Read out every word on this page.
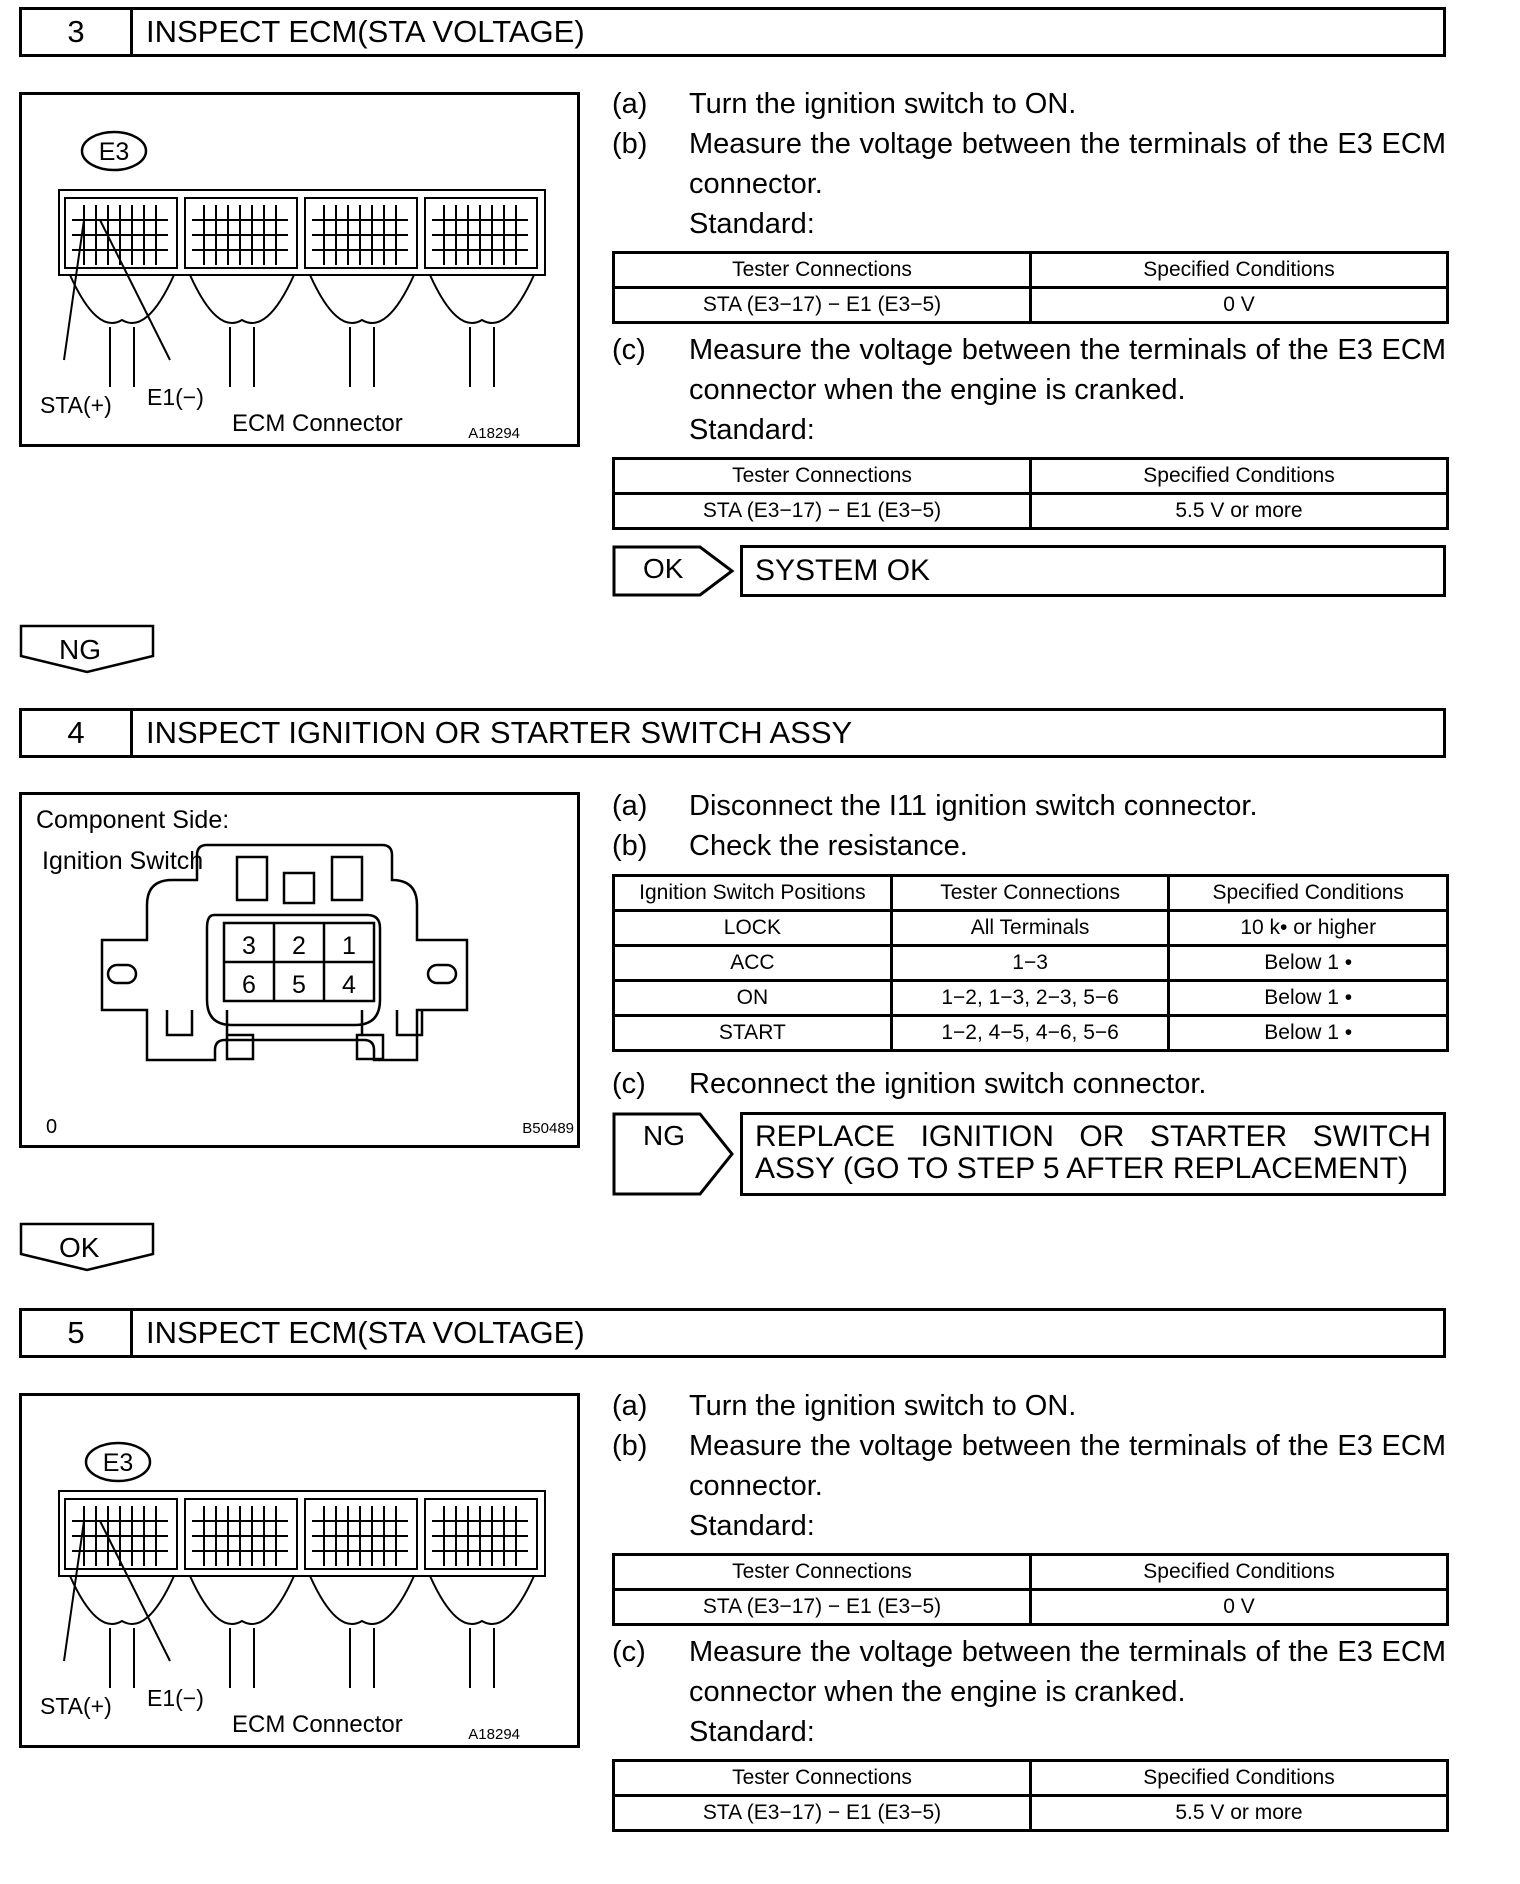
3	INSPECT ECM(STA VOLTAGE)
E3
STA(+) E1(−)
ECM Connector	A18294
(a) Turn the ignition switch to ON.
(b) Measure the voltage between the terminals of the E3 ECM connector.
Standard:
Tester Connections	Specified Conditions
STA (E3−17) − E1 (E3−5)	0 V
(c) Measure the voltage between the terminals of the E3 ECM connector when the engine is cranked.
Standard:
Tester Connections	Specified Conditions
STA (E3−17) − E1 (E3−5)	5.5 V or more
OK	SYSTEM OK
NG
4	INSPECT IGNITION OR STARTER SWITCH ASSY
Component Side:
Ignition Switch
3 2 1
6 5 4
0	B50489
(a) Disconnect the I11 ignition switch connector.
(b) Check the resistance.
Ignition Switch Positions	Tester Connections	Specified Conditions
LOCK	All Terminals	10 k• or higher
ACC	1−3	Below 1 •
ON	1−2, 1−3, 2−3, 5−6	Below 1 •
START	1−2, 4−5, 4−6, 5−6	Below 1 •
(c) Reconnect the ignition switch connector.
NG REPLACE IGNITION OR STARTER SWITCH
ASSY (GO TO STEP 5 AFTER REPLACEMENT)
OK
5	INSPECT ECM(STA VOLTAGE)
E3
STA(+) E1(−)
ECM Connector	A18294
(a) Turn the ignition switch to ON.
(b) Measure the voltage between the terminals of the E3 ECM connector.
Standard:
Tester Connections	Specified Conditions
STA (E3−17) − E1 (E3−5)	0 V
(c) Measure the voltage between the terminals of the E3 ECM connector when the engine is cranked.
Standard:
Tester Connections	Specified Conditions
STA (E3−17) − E1 (E3−5)	5.5 V or more
